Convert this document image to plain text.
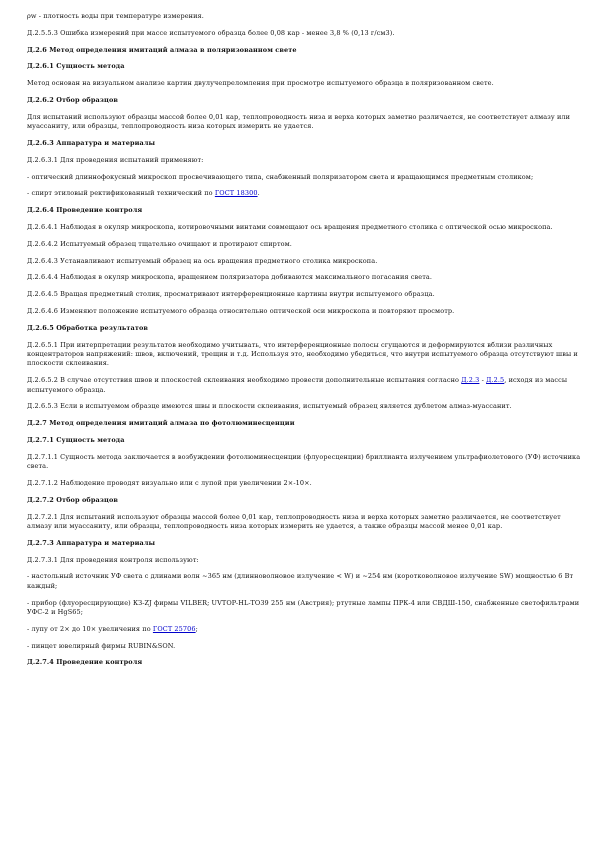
ρw - плотность воды при температуре измерения.

Д.2.5.5.3 Ошибка измерений при массе испытуемого образца более 0,08 кар - менее 3,8 % (0,13 г/см3).

Д.2.6 Метод определения имитаций алмаза в поляризованном свете

Д.2.6.1 Сущность метода

Метод основан на визуальном анализе картин двулучепреломления при просмотре испытуемого образца в поляризованном свете.

Д.2.6.2 Отбор образцов

Для испытаний используют образцы массой более 0,01 кар, теплопроводность низа и верха которых заметно различается, не соответствует алмазу или муассаниту, или образцы, теплопроводность низа которых измерить не удается.

Д.2.6.3 Аппаратура и материалы

Д.2.6.3.1 Для проведения испытаний применяют:

- оптический длиннофокусный микроскоп просвечивающего типа, снабженный поляризатором света и вращающимся предметным столиком;

- спирт этиловый ректификованный технический по ГОСТ 18300.

Д.2.6.4 Проведение контроля

Д.2.6.4.1 Наблюдая в окуляр микроскопа, котировочными винтами совмещают ось вращения предметного столика с оптической осью микроскопа.

Д.2.6.4.2 Испытуемый образец тщательно очищают и протирают спиртом.

Д.2.6.4.3 Устанавливают испытуемый образец на ось вращения предметного столика микроскопа.

Д.2.6.4.4 Наблюдая в окуляр микроскопа, вращением поляризатора добиваются максимального погасания света.

Д.2.6.4.5 Вращая предметный столик, просматривают интерференционные картины внутри испытуемого образца.

Д.2.6.4.6 Изменяют положение испытуемого образца относительно оптической оси микроскопа и повторяют просмотр.

Д.2.6.5 Обработка результатов

Д.2.6.5.1 При интерпретации результатов необходимо учитывать, что интерференционные полосы сгущаются и деформируются вблизи различных концентраторов напряжений: швов, включений, трещин и т.д. Используя это, необходимо убедиться, что внутри испытуемого образца отсутствуют швы и плоскости склеивания.

Д.2.6.5.2 В случае отсутствия швов и плоскостей склеивания необходимо провести дополнительные испытания согласно Д.2.3 - Д.2.5, исходя из массы испытуемого образца.

Д.2.6.5.3 Если в испытуемом образце имеются швы и плоскости склеивания, испытуемый образец является дублетом алмаз-муассанит.

Д.2.7 Метод определения имитаций алмаза по фотолюминесценции

Д.2.7.1 Сущность метода

Д.2.7.1.1 Сущность метода заключается в возбуждении фотолюминесценции (флуоресценции) бриллианта излучением ультрафиолетового (УФ) источника света.

Д.2.7.1.2 Наблюдение проводят визуально или с лупой при увеличении 2×-10×.

Д.2.7.2 Отбор образцов

Д.2.7.2.1 Для испытаний используют образцы массой более 0,01 кар, теплопроводность низа и верха которых заметно различается, не соответствует алмазу или муассаниту, или образцы, теплопроводность низа которых измерить не удается, а также образцы массой менее 0,01 кар.

Д.2.7.3 Аппаратура и материалы

Д.2.7.3.1 Для проведения контроля используют:

- настольный источник УФ света с длинами волн ~365 нм (длинноволновое излучение < W) и ~254 нм (коротковолновое излучение SW) мощностью 6 Вт каждый;

- прибор (флуоресцирующие) КЗ-ZJ фирмы VILBER; UVTOP-HL-TO39 255 нм (Австрия); ртутные лампы ПРК-4 или СВДШ-150, снабженные светофильтрами УФС-2 и HgS65;

- лупу от 2× до 10× увеличения по ГОСТ 25706;

- пинцет ювелирный фирмы RUBIN&SON.

Д.2.7.4 Проведение контроля
